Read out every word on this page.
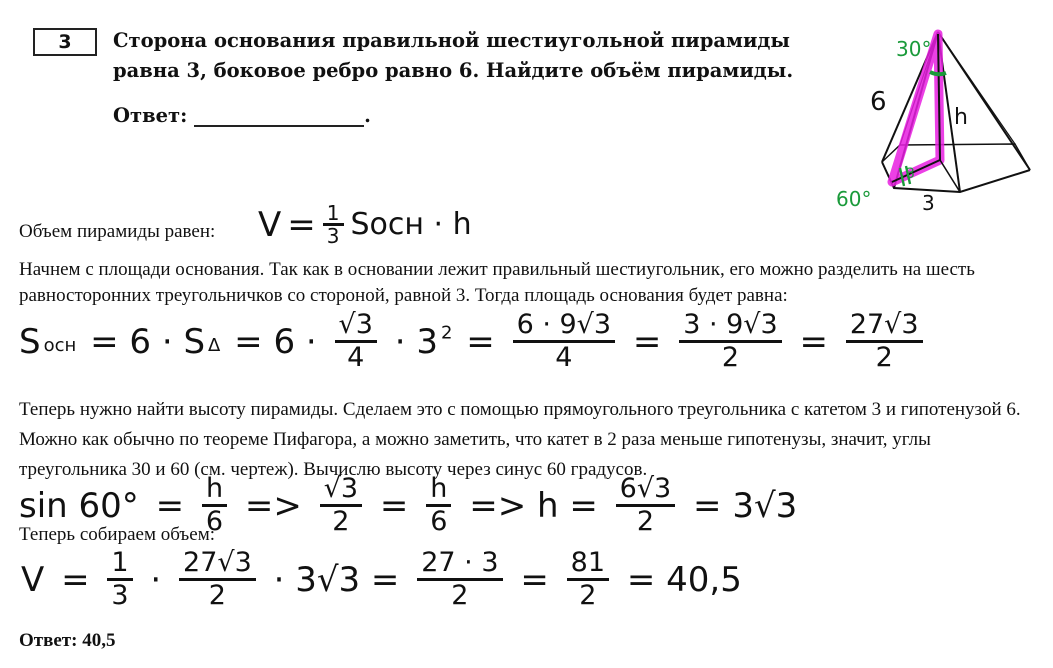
3	Сторона основания правильной шестиугольной пирамиды равна 3, боковое ребро равно 6. Найдите объём пирамиды.
Ответ:	.
30°
6
h
3
60°	3
Объем пирамиды равен: $V = \frac{1}{3}$ Sосн · h
Начнем с площади основания. Так как в основании лежит правильный шестиугольник, его можно разделить на шесть равносторонних треугольничков со стороной, равной 3. Тогда площадь основания будет равна:
Sосн = 6 · S $\Delta = 6 \cdot \frac{√3}{4} \cdot 3$ $^2 = \frac{6 \cdot 9√3}{4} = \frac{3 \cdot 9√3}{2} = \frac{27√3}{2}$
Теперь нужно найти высоту пирамиды. Сделаем это с помощью прямоугольного треугольника с катетом 3 и гипотенузой 6. Можно как обычно по теореме Пифагора, а можно заметить, что катет в 2 раза меньше гипотенузы, значит, углы треугольника 30 и 60 (см. чертеж). Вычислю высоту через синус 60 градусов.
$\sin 60^\circ = \frac{h}{6} => \frac{√3}{2} = \frac{h}{6} => h = \frac{6√3}{2} = 3√3$
Теперь собираем объем:
$V = \frac{1}{3} \cdot \frac{27√3}{2} \cdot 3√3 = \frac{27 \cdot 3}{2} = \frac{81}{2} = 40,5$
Ответ: 40,5
